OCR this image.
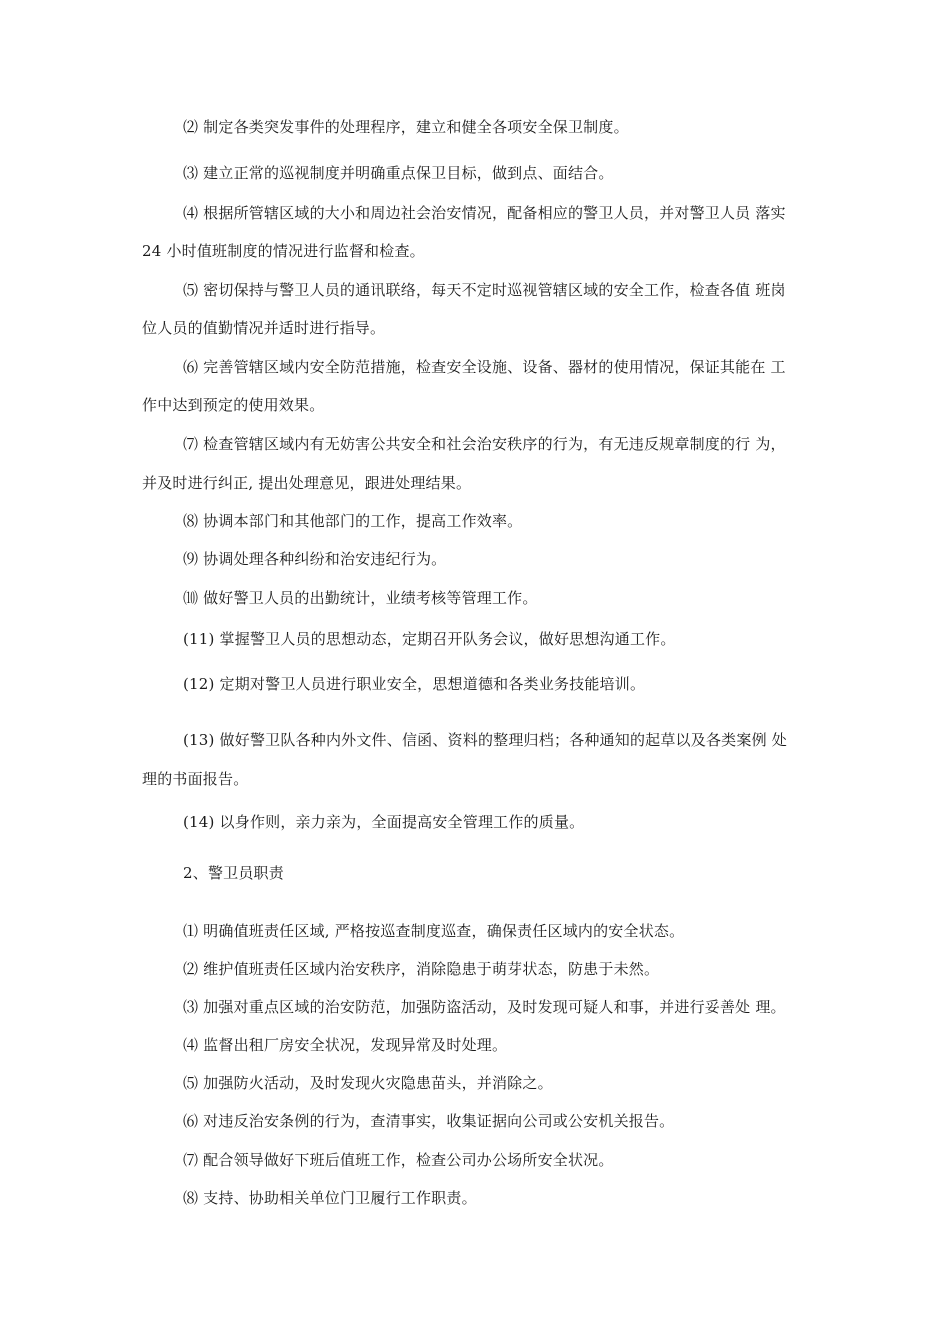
⑵ 制定各类突发事件的处理程序，建立和健全各项安全保卫制度。
⑶ 建立正常的巡视制度并明确重点保卫目标，做到点、面结合。
⑷ 根据所管辖区域的大小和周边社会治安情况，配备相应的警卫人员，并对警卫人员 落实
24 小时值班制度的情况进行监督和检查。
⑸ 密切保持与警卫人员的通讯联络，每天不定时巡视管辖区域的安全工作，检查各值 班岗
位人员的值勤情况并适时进行指导。
⑹ 完善管辖区域内安全防范措施，检查安全设施、设备、器材的使用情况，保证其能在 工
作中达到预定的使用效果。
⑺ 检查管辖区域内有无妨害公共安全和社会治安秩序的行为，有无违反规章制度的行 为，
并及时进行纠正, 提出处理意见，跟进处理结果。
⑻ 协调本部门和其他部门的工作，提高工作效率。
⑼ 协调处理各种纠纷和治安违纪行为。
⑽ 做好警卫人员的出勤统计，业绩考核等管理工作。
(11) 掌握警卫人员的思想动态，定期召开队务会议，做好思想沟通工作。
(12) 定期对警卫人员进行职业安全，思想道德和各类业务技能培训。
(13) 做好警卫队各种内外文件、信函、资料的整理归档；各种通知的起草以及各类案例 处
理的书面报告。
(14) 以身作则，亲力亲为，全面提高安全管理工作的质量。
2、警卫员职责
⑴ 明确值班责任区域, 严格按巡查制度巡查，确保责任区域内的安全状态。
⑵ 维护值班责任区域内治安秩序，消除隐患于萌芽状态，防患于未然。
⑶ 加强对重点区域的治安防范，加强防盗活动，及时发现可疑人和事，并进行妥善处 理。
⑷ 监督出租厂房安全状况，发现异常及时处理。
⑸ 加强防火活动，及时发现火灾隐患苗头，并消除之。
⑹ 对违反治安条例的行为，查清事实，收集证据向公司或公安机关报告。
⑺ 配合领导做好下班后值班工作，检查公司办公场所安全状况。
⑻ 支持、协助相关单位门卫履行工作职责。
